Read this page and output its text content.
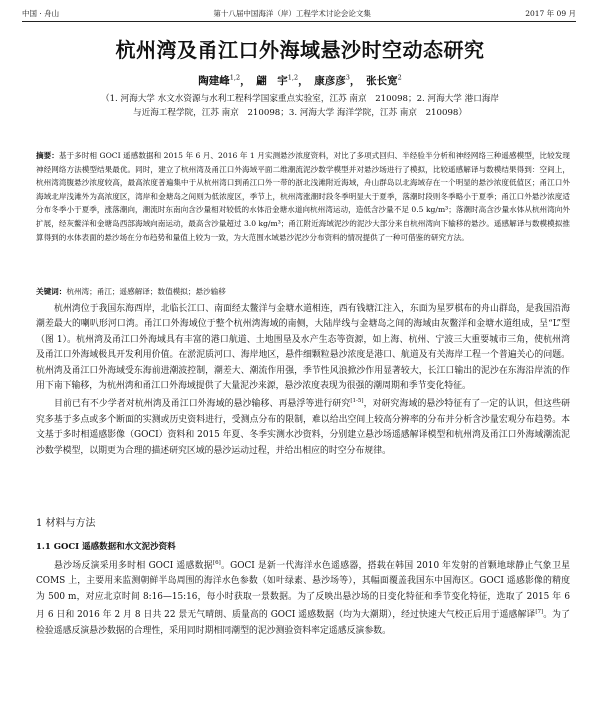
中国 · 舟山	第十八届中国海洋（岸）工程学术讨论会论文集	2017 年 09 月
杭州湾及甬江口外海域悬沙时空动态研究
陶建峰$^{1,2}$， 翩　宇$^{1,2}$， 康彦彦$^3$， 张长宽$^2$

（1. 河海大学 水文水资源与水利工程科学国家重点实验室，江苏 南京　210098；2. 河海大学 港口海岸

与近海工程学院，江苏 南京　210098；3. 河海大学 海洋学院，江苏 南京　210098）

摘要：基于多时相 GOCI 遥感数据和 2015 年 6 月、2016 年 1 月实测悬沙浓度资料，对比了多项式回归、半经验半分析和神经网络三种遥感模型，比较发现神经网络方法模型结果最优。同时，建立了杭州湾及甬江口外海域平面二维潮流泥沙数学模型并对悬沙场进行了模拟，比较遥感解译与数模结果得到：空间上，杭州湾湾腹悬沙浓度较高，最高浓度普遍集中于从杭州湾口到甬江口外一带的浙北浅滩附近海域，舟山群岛以北海域存在一个明显的悬沙浓度低值区；甬江口外海域北岸浅滩外为高浓度区，湾岸和金塘岛之间则为低浓度区，季节上，杭州湾涨潮时段冬季明显大于夏季，落潮时段则冬季略小于夏季；甬江口外悬沙浓度适分布冬季小于夏季，涨落潮向，潮流时东南向含沙量相对较低的水体沿金塘水道向杭州湾运动，造低含沙量不足 0.5 kg/m³；落潮时高含沙量水体从杭州湾向外扩展，经灰鳖洋和金塘岛西部海域向南运动，最高含沙量超过 3.0 kg/m³；甬江附近海域泥沙的泥沙大部分来自杭州湾向下输移的悬沙。遥感解译与数模模拟推算得到的水体表面的悬沙场在分布趋势和量值上较为一致，为大范围水域悬沙泥沙分布资料的情况提供了一种可借鉴的研究方法。

关键词：杭州湾；甬江；遥感解译；数值模拟；悬沙输移

杭州湾位于我国东海西岸，北临长江口、南面经太鳖洋与金塘水道相连，西有钱塘江注入，东面为星罗棋布的舟山群岛，是我国沿海潮差最大的喇叭形河口湾。甬江口外海域位于整个杭州湾海域的南侧，大陆岸线与金塘岛之间的海域由灰鳖洋和金塘水道组成，呈“L”型（图 1）。杭州湾及甬江口外海域具有丰富的港口航道、土地围垦及水产生态等资源，如上海、杭州、宁波三大重要城市三角，使杭州湾及甬江口外海域极具开发利用价值。在淤泥质河口、海岸地区，悬件细颗粒悬沙浓度是港口、航道及有关海岸工程一个普遍关心的问题。杭州湾及甬江口外海域受东海前进潮波控制，潮差大、潮流作用强，季节性风浪掀沙作用显著较大，长江口输出的泥沙在东海沿岸流的作用下南下输移，为杭州湾和甬江口外海域提供了大量泥沙来源，悬沙浓度表现为很强的潮周期和季节变化特征。

目前已有不少学者对杭州湾及甬江口外海域的悬沙输移、再悬浮等进行研究[1-5]，对研究海域的悬沙特征有了一定的认识，但这些研究多基于多点或多个断面的实测或历史资料进行，受测点分布的限制，难以给出空间上较高分辨率的分布并分析含沙量宏观分布趋势。本文基于多时相遥感影像（GOCI）资料和 2015 年夏、冬季实测水沙资料，分别建立悬沙场遥感解译模型和杭州湾及甬江口外海域潮流泥沙数学模型，以期更为合理的描述研究区域的悬沙运动过程，并给出相应的时空分布规律。

1 材料与方法
1.1 GOCI 遥感数据和水文泥沙资料

悬沙场反演采用多时相 GOCI 遥感数据[6]。GOCI 是新一代海洋水色遥感器，搭载在韩国 2010 年发射的首颗地球静止气象卫星 COMS 上，主要用来监测朝鲜半岛周围的海洋水色参数（如叶绿素、悬沙场等），其幅面覆盖我国东中国海区。GOCI 遥感影像的精度为 500 m，对应北京时间 8:16—15:16，每小时获取一景数据。为了反映出悬沙场的日变化特征和季节变化特征，选取了 2015 年 6 月 6 日和 2016 年 2 月 8 日共 22 景无气晴朗、质量高的 GOCI 遥感数据（均为大潮期），经过快速大气校正后用于遥感解译[7]。为了检验遥感反演悬沙数据的合理性，采用同时期相同潮型的泥沙测验资料率定遥感反演参数。
